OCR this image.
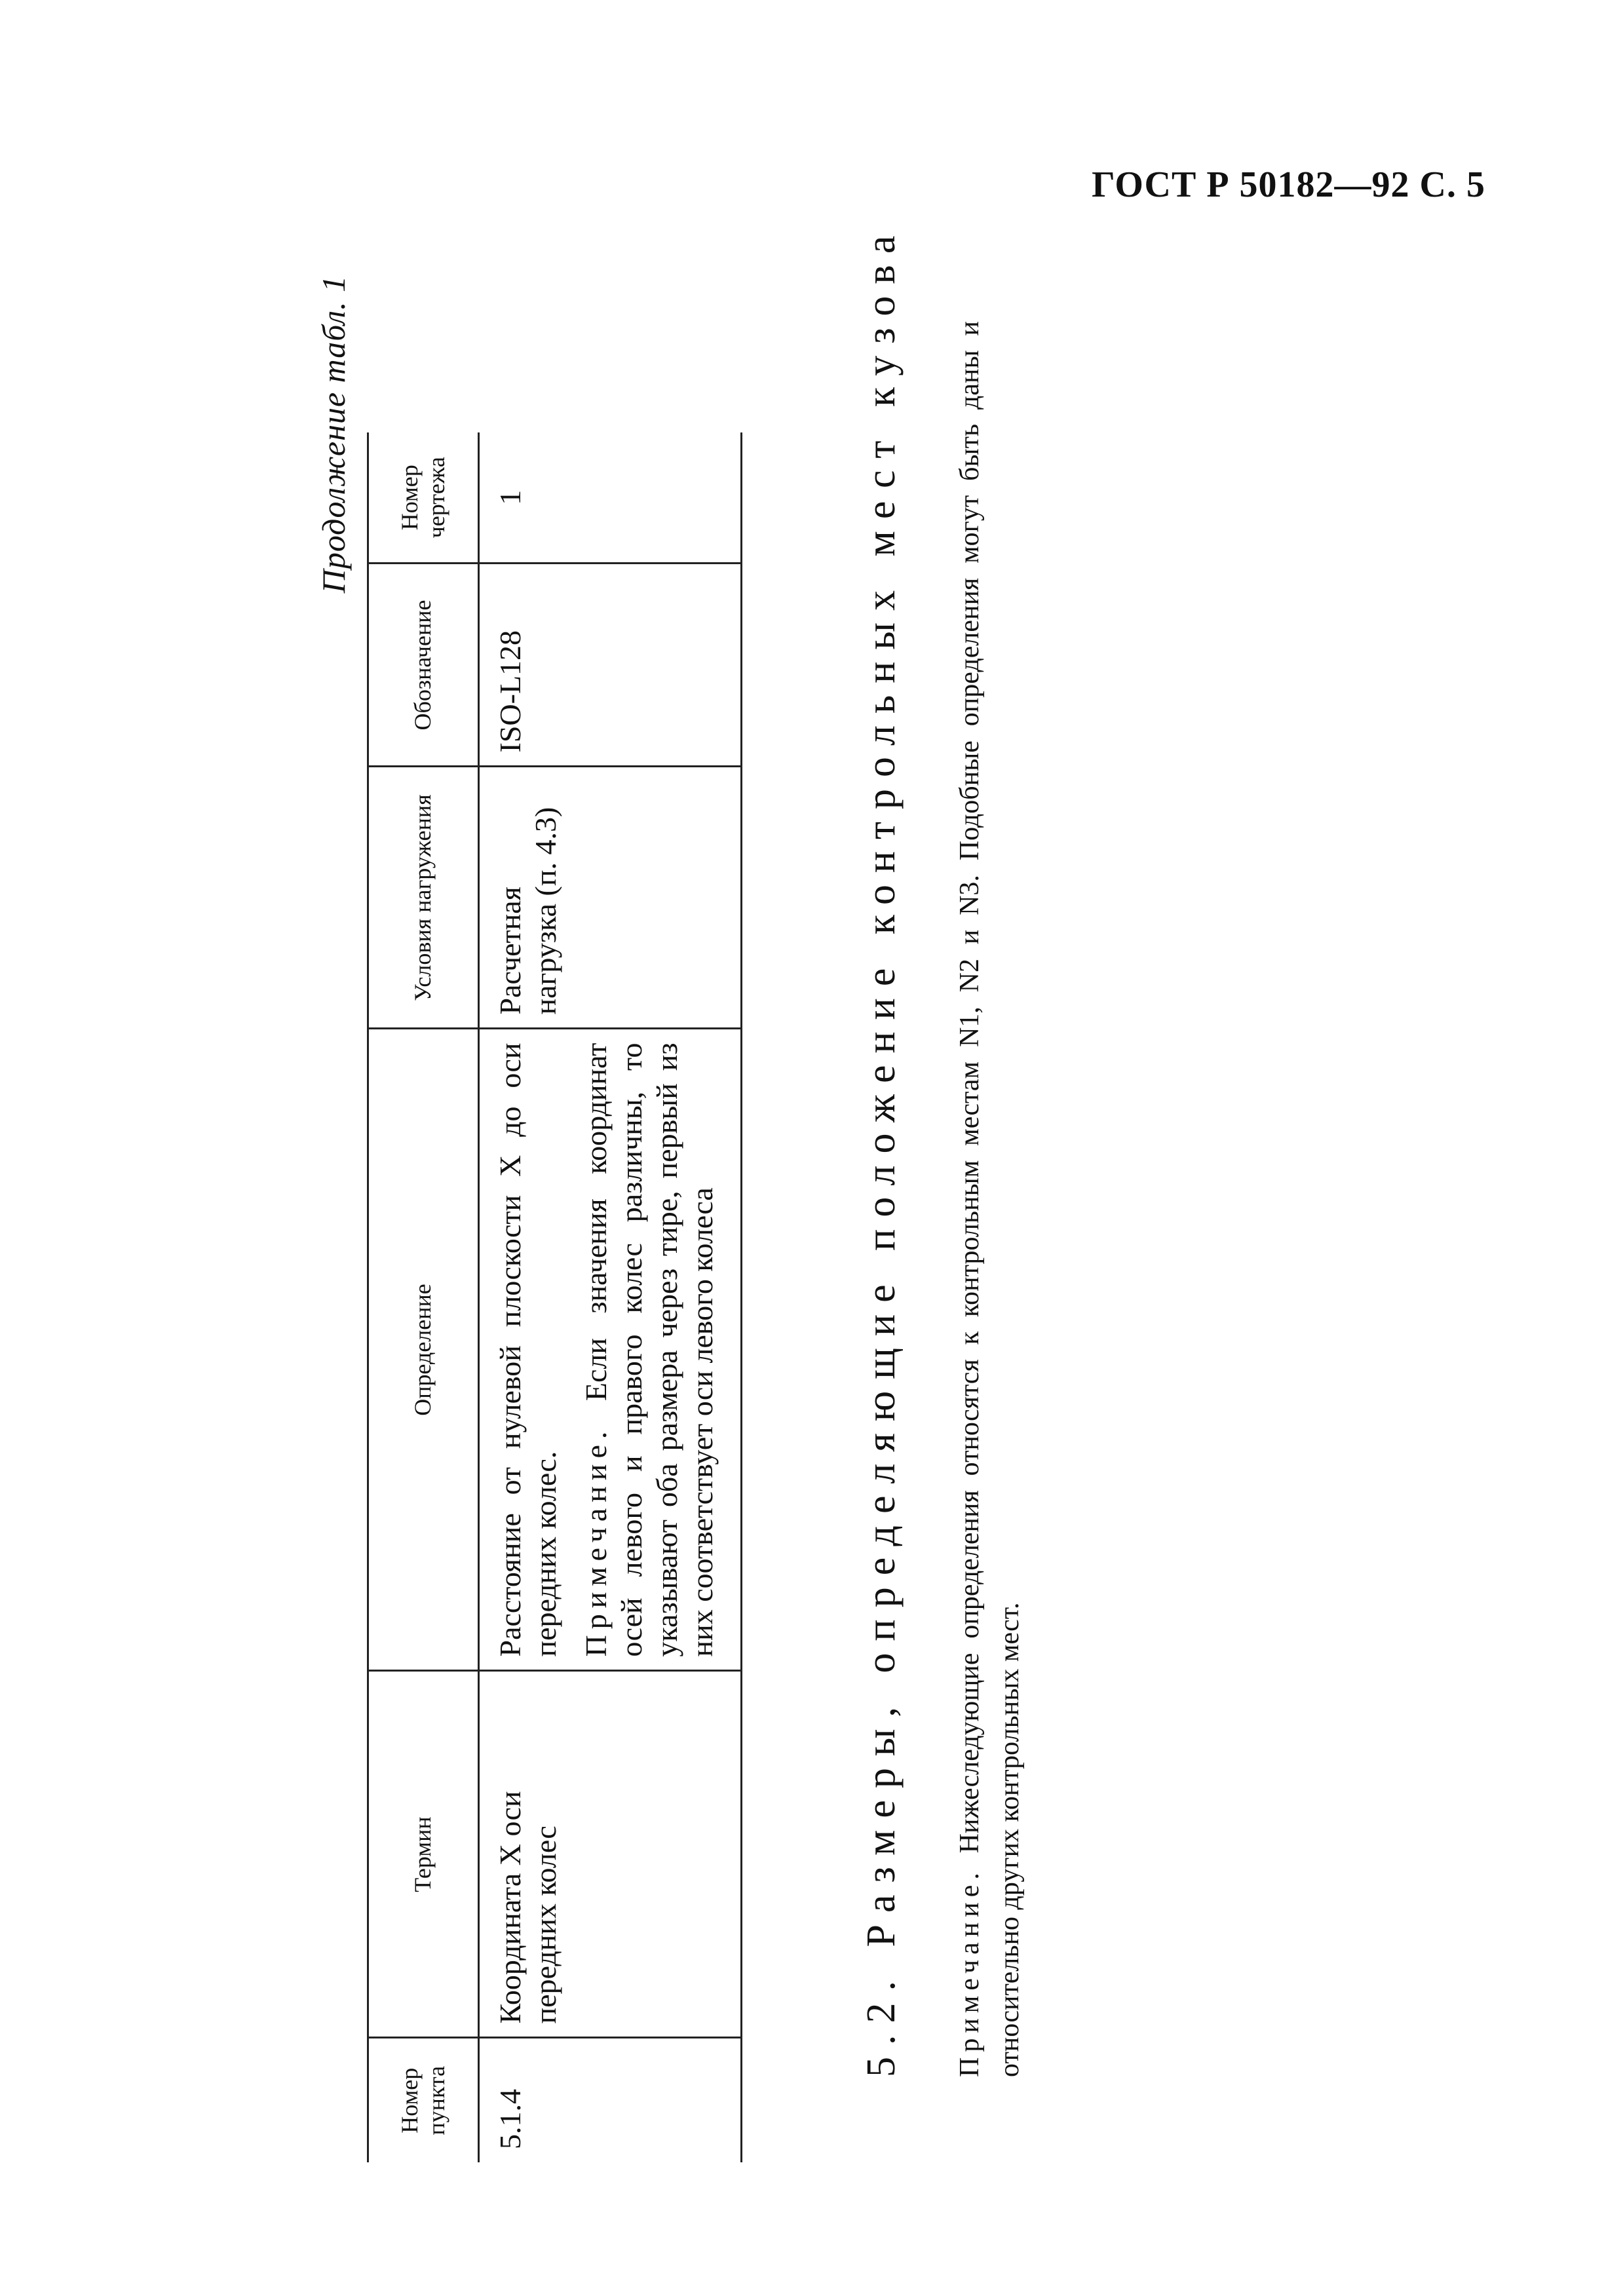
ГОСТ Р 50182—92 С. 5

Продолжение табл. 1

Номер пункта	Термин	Определение	Условия нагружения	Обозначение	Номер чертежа
5.1.4	Координата X оси передних колес	Расстояние от нулевой плоскости X до оси передних колес. Примечание. Если значения координат осей левого и правого колес различны, то указывают оба размера через тире, первый из них соответствует оси левого колеса	Расчетная нагрузка (п. 4.3)	ISO-L128	1
5.2. Размеры, определяющие положение контрольных мест кузова

Примечание. Нижеследующие определения относятся к контрольным местам N1, N2 и N3. Подобные определения могут быть даны и относительно других контрольных мест.
